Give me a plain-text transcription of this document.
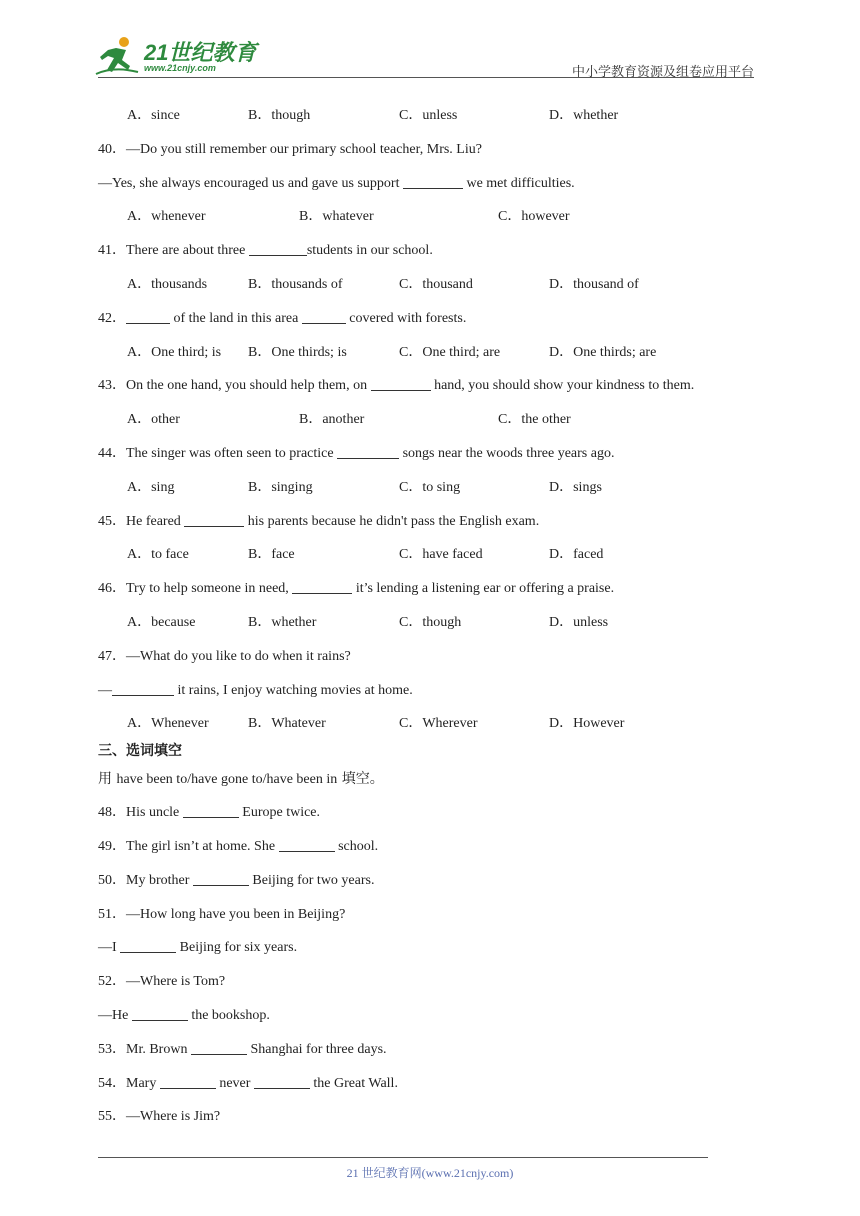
21世纪教育
www.21cnjy.com	中小学教育资源及组卷应用平台
A．since	B．though	C．unless	D．whether
40．—Do you still remember our primary school teacher, Mrs. Liu?
—Yes, she always encouraged us and gave us support	we met difficulties.
A．whenever	B．whatever	C．however
41．There are about three	students in our school.
A．thousands	B．thousands of	C．thousand	D．thousand of
42．	of the land in this area	covered with forests.
A．One third; is B．One thirds; is	C．One third; are	D．One thirds; are
43．On the one hand, you should help them, on	hand, you should show your kindness to them.
A．other	B．another	C．the other
44．The singer was often seen to practice	songs near the woods three years ago.
A．sing	B．singing	C．to sing	D．sings
45．He feared	his parents because he didn't pass the English exam.
A．to face	B．face	C．have faced	D．faced
46．Try to help someone in need,	it’s lending a listening ear or offering a praise.
A．because	B．whether	C．though	D．unless
47．—What do you like to do when it rains?
—	it rains, I enjoy watching movies at home.
A．Whenever	B．Whatever	C．Wherever	D．However
三、选词填空
用 have been to/have gone to/have been in 填空。
48．His uncle	Europe twice.
49．The girl isn’t at home. She	school.
50．My brother	Beijing for two years.
51．—How long have you been in Beijing?
—I	Beijing for six years.
52．—Where is Tom?
—He	the bookshop.
53．Mr. Brown	Shanghai for three days.
54．Mary	never	the Great Wall.
55．—Where is Jim?
21 世纪教育网(www.21cnjy.com)
